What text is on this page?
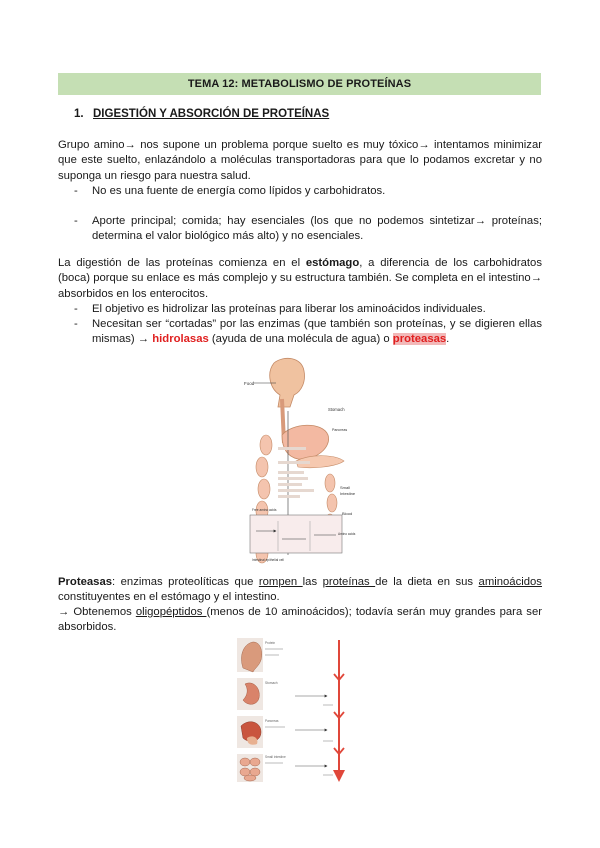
TEMA 12: METABOLISMO DE PROTEÍNAS
1. DIGESTIÓN Y ABSORCIÓN DE PROTEÍNAS
Grupo amino→ nos supone un problema porque suelto es muy tóxico→ intentamos minimizar que este suelto, enlazándolo a moléculas transportadoras para que lo podamos excretar y no suponga un riesgo para nuestra salud.
- No es una fuente de energía como lípidos y carbohidratos.
- Aporte principal; comida; hay esenciales (los que no podemos sintetizar→ proteínas; determina el valor biológico más alto) y no esenciales.
La digestión de las proteínas comienza en el estómago, a diferencia de los carbohidratos (boca) porque su enlace es más complejo y su estructura también. Se completa en el intestino→ absorbidos en los enterocitos.
- El objetivo es hidrolizar las proteínas para liberar los aminoácidos individuales.
- Necesitan ser “cortadas” por las enzimas (que también son proteínas, y se digieren ellas mismas) → hidrolasas (ayuda de una molécula de agua) o proteasas.
Food
Stomach
Pancreas
Small
Intestine
Blood
Amino acids
Free amino acids
Intestinal epithelial cell
Proteasas: enzimas proteolíticas que rompen las proteínas de la dieta en sus aminoácidos constituyentes en el estómago y el intestino.
→ Obtenemos oligopéptidos (menos de 10 aminoácidos); todavía serán muy grandes para ser absorbidos.
Protein
Stomach
Pancreas
Small intestine
